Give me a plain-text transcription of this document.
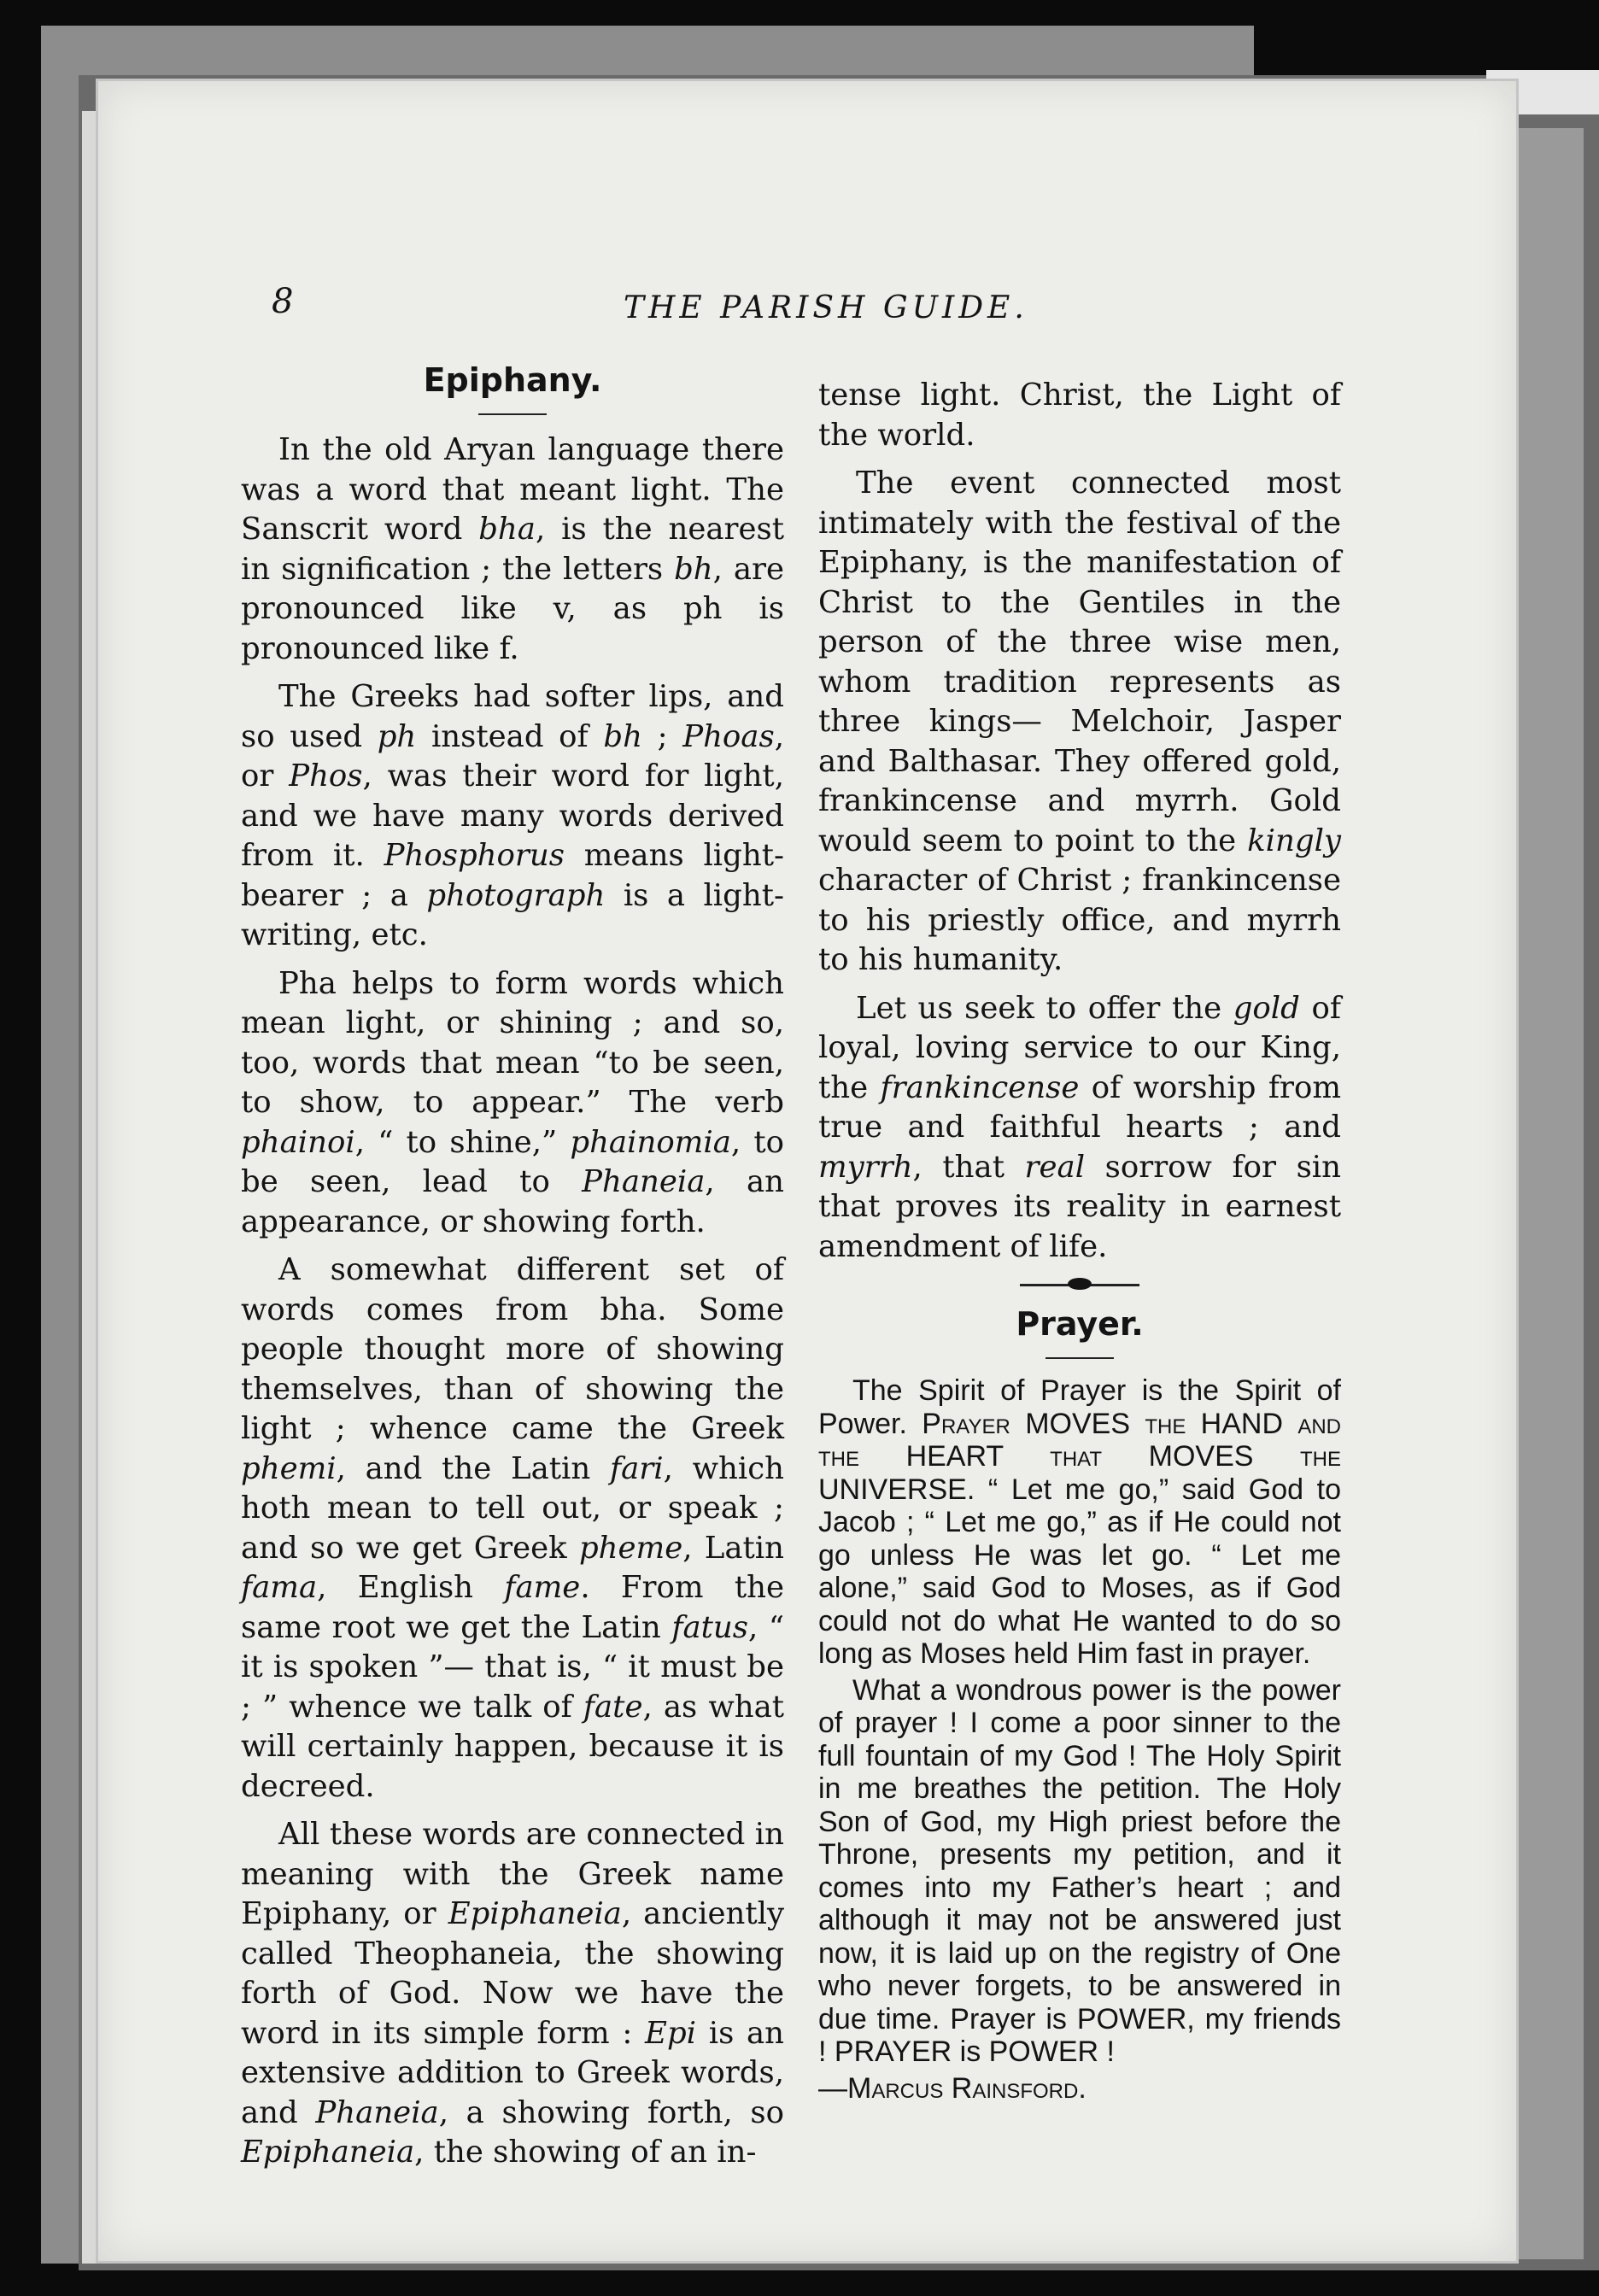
8	THE PARISH GUIDE.
Epiphany.

In the old Aryan language there was a word that meant light. The Sanscrit word bha, is the nearest in signification ; the letters bh, are pronounced like v, as ph is pronounced like f.

The Greeks had softer lips, and so used ph instead of bh ; Phoas, or Phos, was their word for light, and we have many words derived from it. Phosphorus means light-bearer ; a photograph is a light-writing, etc.

Pha helps to form words which mean light, or shining ; and so, too, words that mean “to be seen, to show, to appear.” The verb phainoi, “ to shine,” phainomia, to be seen, lead to Phaneia, an appearance, or showing forth.

A somewhat different set of words comes from bha. Some people thought more of showing themselves, than of showing the light ; whence came the Greek phemi, and the Latin fari, which hoth mean to tell out, or speak ; and so we get Greek pheme, Latin fama, English fame. From the same root we get the Latin fatus, “ it is spoken ”— that is, “ it must be ; ” whence we talk of fate, as what will certainly happen, because it is decreed.

All these words are connected in meaning with the Greek name Epiphany, or Epiphaneia, anciently called Theophaneia, the showing forth of God. Now we have the word in its simple form : Epi is an extensive addition to Greek words, and Phaneia, a showing forth, so Epiphaneia, the showing of an in-

tense light. Christ, the Light of the world.

The event connected most intimately with the festival of the Epiphany, is the manifestation of Christ to the Gentiles in the person of the three wise men, whom tradition represents as three kings— Melchoir, Jasper and Balthasar. They offered gold, frankincense and myrrh. Gold would seem to point to the kingly character of Christ ; frankincense to his priestly office, and myrrh to his humanity.

Let us seek to offer the gold of loyal, loving service to our King, the frankincense of worship from true and faithful hearts ; and myrrh, that real sorrow for sin that proves its reality in earnest amendment of life.

Prayer.

The Spirit of Prayer is the Spirit of Power. Prayer MOVES the HAND and the HEART that MOVES the UNIVERSE. “ Let me go,” said God to Jacob ; “ Let me go,” as if He could not go unless He was let go. “ Let me alone,” said God to Moses, as if God could not do what He wanted to do so long as Moses held Him fast in prayer.

What a wondrous power is the power of prayer ! I come a poor sinner to the full fountain of my God ! The Holy Spirit in me breathes the petition. The Holy Son of God, my High priest before the Throne, presents my petition, and it comes into my Father’s heart ; and although it may not be answered just now, it is laid up on the registry of One who never forgets, to be answered in due time. Prayer is POWER, my friends ! PRAYER is POWER !

—Marcus Rainsford.
